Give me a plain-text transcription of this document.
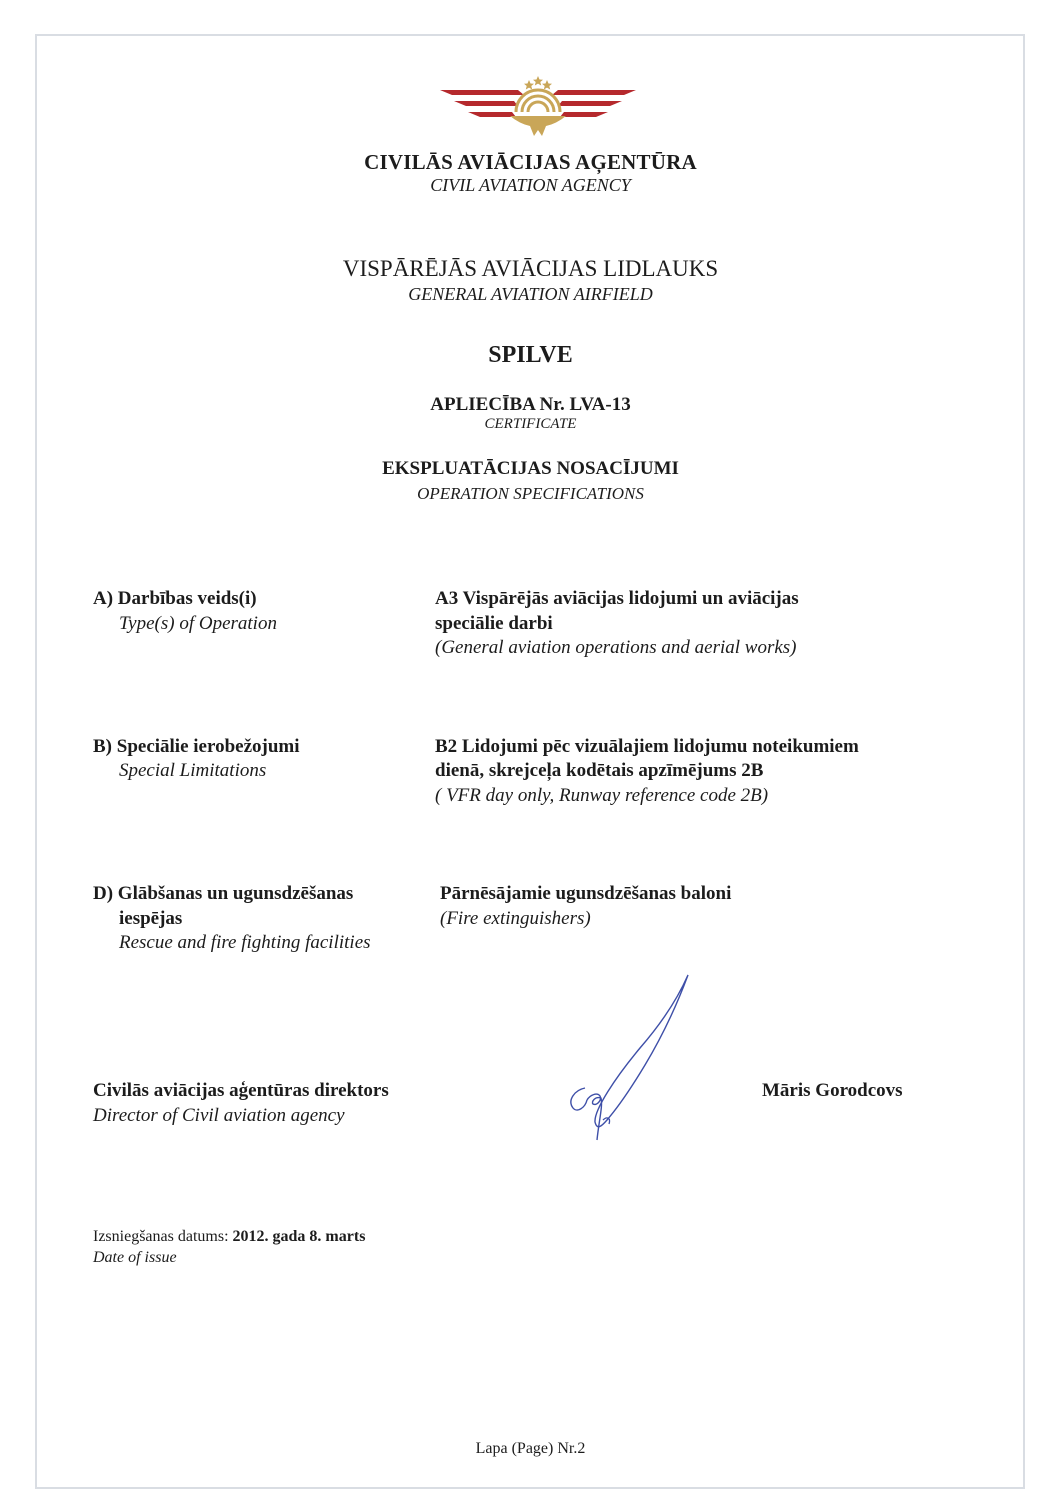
CIVILĀS AVIĀCIJAS AĢENTŪRA
CIVIL AVIATION AGENCY
VISPĀRĒJĀS AVIĀCIJAS LIDLAUKS
GENERAL AVIATION AIRFIELD
SPILVE
APLIECĪBA Nr. LVA-13
CERTIFICATE
EKSPLUATĀCIJAS NOSACĪJUMI
OPERATION SPECIFICATIONS
A) Darbības veids(i)
Type(s) of Operation
A3 Vispārējās aviācijas lidojumi un aviācijas
speciālie darbi
(General aviation operations and aerial works)
B) Speciālie ierobežojumi
Special Limitations
B2 Lidojumi pēc vizuālajiem lidojumu noteikumiem
dienā, skrejceļa kodētais apzīmējums 2B
( VFR day only, Runway reference code 2B)
D) Glābšanas un ugunsdzēšanas
iespējas
Rescue and fire fighting facilities
Pārnēsājamie ugunsdzēšanas baloni
(Fire extinguishers)
Civilās aviācijas aģentūras direktors
Director of Civil aviation agency
Māris Gorodcovs
Izsniegšanas datums: 2012. gada 8. marts
Date of issue
Lapa (Page) Nr.2
